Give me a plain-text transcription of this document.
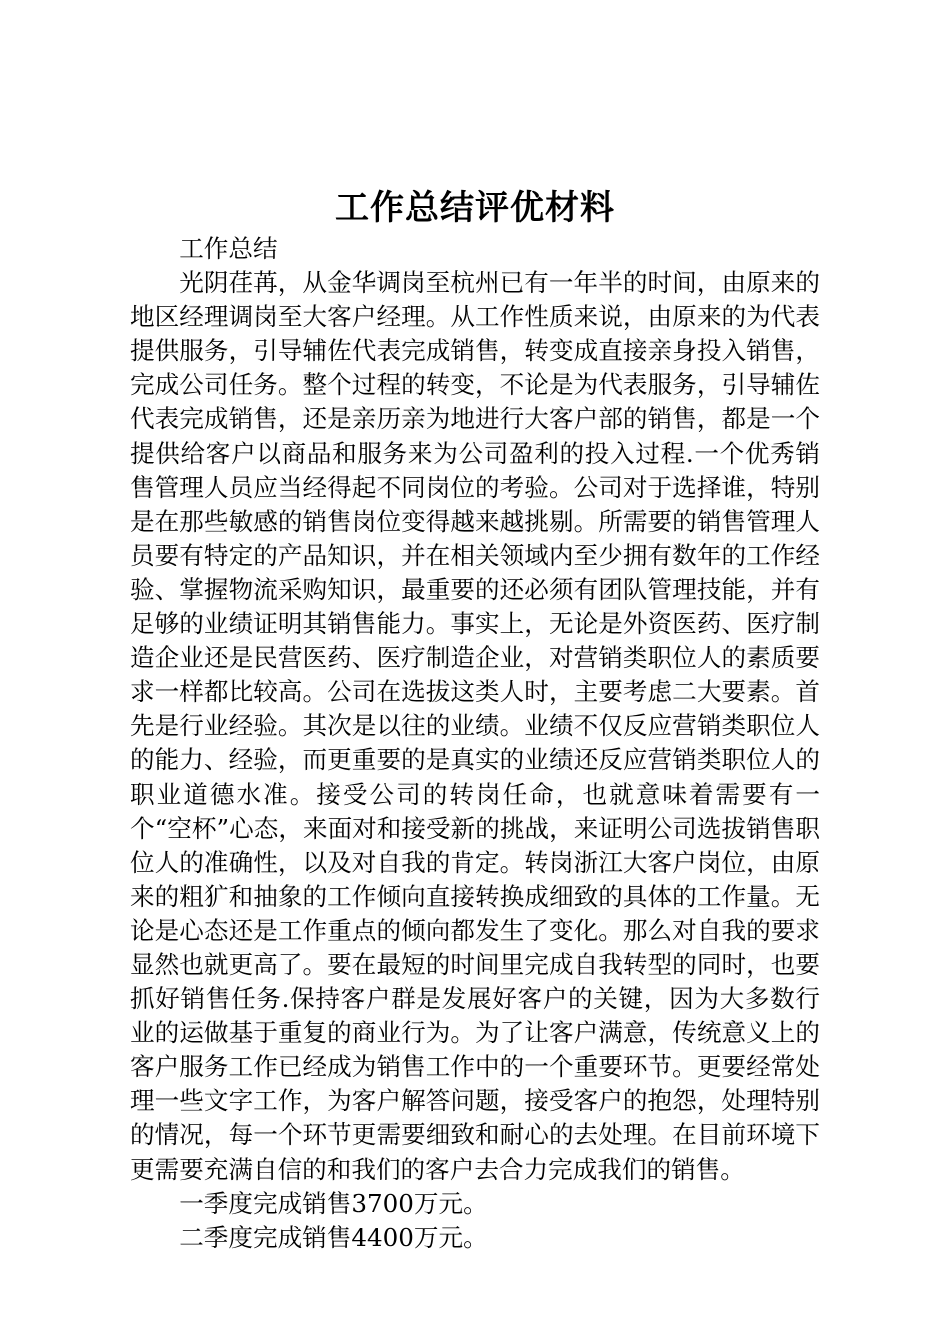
工作总结评优材料

工作总结

光阴荏苒，从金华调岗至杭州已有一年半的时间，由原来的地区经理调岗至大客户经理。从工作性质来说，由原来的为代表提供服务，引导辅佐代表完成销售，转变成直接亲身投入销售，完成公司任务。整个过程的转变，不论是为代表服务，引导辅佐代表完成销售，还是亲历亲为地进行大客户部的销售，都是一个提供给客户以商品和服务来为公司盈利的投入过程.一个优秀销售管理人员应当经得起不同岗位的考验。公司对于选择谁，特别是在那些敏感的销售岗位变得越来越挑剔。所需要的销售管理人员要有特定的产品知识，并在相关领域内至少拥有数年的工作经验、掌握物流采购知识，最重要的还必须有团队管理技能，并有足够的业绩证明其销售能力。事实上，无论是外资医药、医疗制造企业还是民营医药、医疗制造企业，对营销类职位人的素质要求一样都比较高。公司在选拔这类人时，主要考虑二大要素。首先是行业经验。其次是以往的业绩。业绩不仅反应营销类职位人的能力、经验，而更重要的是真实的业绩还反应营销类职位人的职业道德水准。接受公司的转岗任命，也就意味着需要有一个“空杯”心态，来面对和接受新的挑战，来证明公司选拔销售职位人的准确性，以及对自我的肯定。转岗浙江大客户岗位，由原来的粗犷和抽象的工作倾向直接转换成细致的具体的工作量。无论是心态还是工作重点的倾向都发生了变化。那么对自我的要求显然也就更高了。要在最短的时间里完成自我转型的同时，也要抓好销售任务.保持客户群是发展好客户的关键，因为大多数行业的运做基于重复的商业行为。为了让客户满意，传统意义上的客户服务工作已经成为销售工作中的一个重要环节。更要经常处理一些文字工作，为客户解答问题，接受客户的抱怨，处理特别的情况，每一个环节更需要细致和耐心的去处理。在目前环境下更需要充满自信的和我们的客户去合力完成我们的销售。

一季度完成销售3700万元。

二季度完成销售4400万元。
